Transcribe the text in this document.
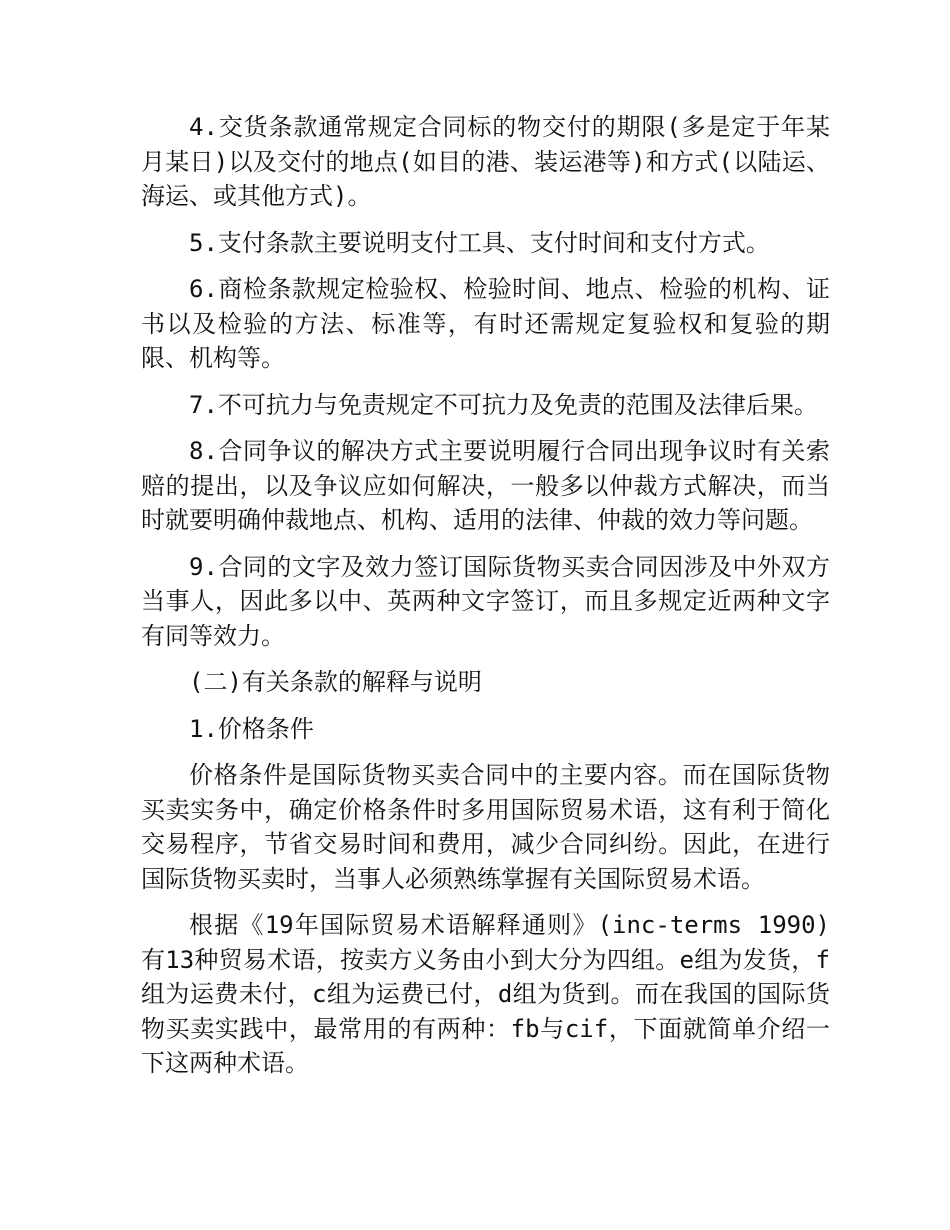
4.交货条款通常规定合同标的物交付的期限(多是定于年某月某日)以及交付的地点(如目的港、装运港等)和方式(以陆运、海运、或其他方式)。

5.支付条款主要说明支付工具、支付时间和支付方式。

6.商检条款规定检验权、检验时间、地点、检验的机构、证书以及检验的方法、标准等，有时还需规定复验权和复验的期限、机构等。

7.不可抗力与免责规定不可抗力及免责的范围及法律后果。

8.合同争议的解决方式主要说明履行合同出现争议时有关索赔的提出，以及争议应如何解决，一般多以仲裁方式解决，而当时就要明确仲裁地点、机构、适用的法律、仲裁的效力等问题。

9.合同的文字及效力签订国际货物买卖合同因涉及中外双方当事人，因此多以中、英两种文字签订，而且多规定近两种文字有同等效力。

(二)有关条款的解释与说明

1.价格条件

价格条件是国际货物买卖合同中的主要内容。而在国际货物买卖实务中，确定价格条件时多用国际贸易术语，这有利于简化交易程序，节省交易时间和费用，减少合同纠纷。因此，在进行国际货物买卖时，当事人必须熟练掌握有关国际贸易术语。

根据《19年国际贸易术语解释通则》(inc-terms 1990)有13种贸易术语，按卖方义务由小到大分为四组。e组为发货，f组为运费未付，c组为运费已付，d组为货到。而在我国的国际货物买卖实践中，最常用的有两种：fb与cif，下面就简单介绍一下这两种术语。
